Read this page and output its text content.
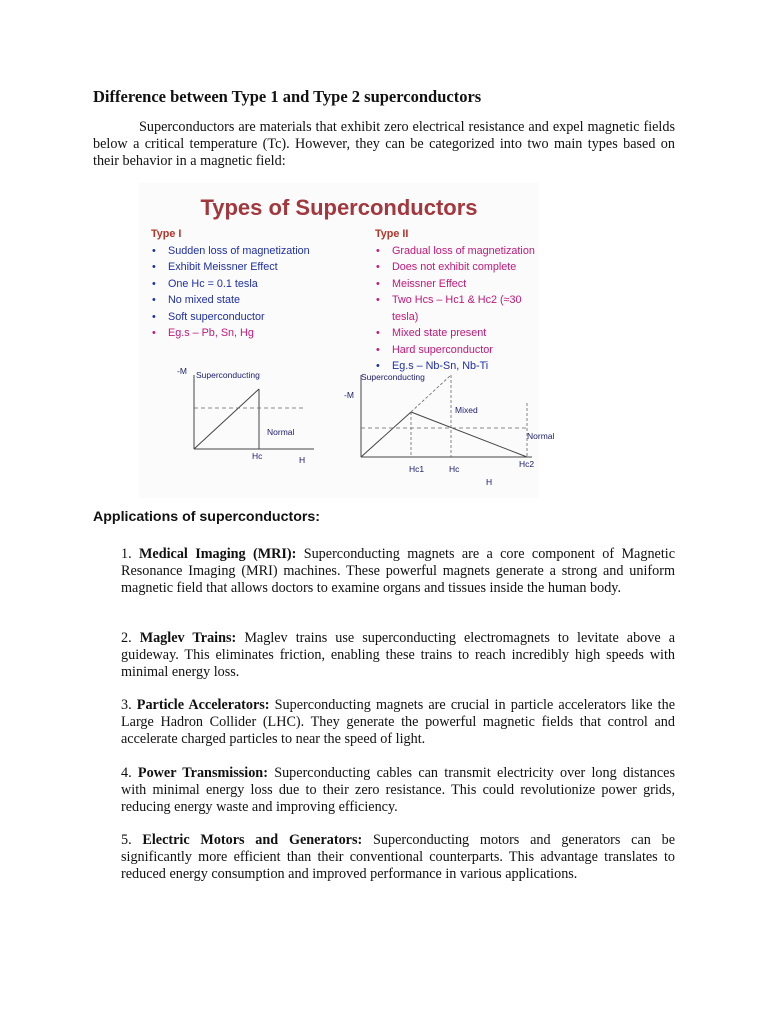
Difference between Type 1 and Type 2 superconductors

Superconductors are materials that exhibit zero electrical resistance and expel magnetic fields below a critical temperature (Tc). However, they can be categorized into two main types based on their behavior in a magnetic field:

Types of Superconductors
Type I
• Sudden loss of magnetization
• Exhibit Meissner Effect
• One Hc = 0.1 tesla
• No mixed state
• Soft superconductor
• Eg.s – Pb, Sn, Hg
Type II
• Gradual loss of magnetization
• Does not exhibit complete
• Meissner Effect
• Two Hcs – Hc1 & Hc2 (≈30 tesla)
• Mixed state present
• Hard superconductor
• Eg.s – Nb-Sn, Nb-Ti
-M Superconducting
Normal
Hc	H
Superconducting
-M
Mixed
Normal
Hc1	Hc	Hc2
H
Applications of superconductors:

1. Medical Imaging (MRI): Superconducting magnets are a core component of Magnetic Resonance Imaging (MRI) machines. These powerful magnets generate a strong and uniform magnetic field that allows doctors to examine organs and tissues inside the human body.

2. Maglev Trains: Maglev trains use superconducting electromagnets to levitate above a guideway. This eliminates friction, enabling these trains to reach incredibly high speeds with minimal energy loss.

3. Particle Accelerators: Superconducting magnets are crucial in particle accelerators like the Large Hadron Collider (LHC). They generate the powerful magnetic fields that control and accelerate charged particles to near the speed of light.

4. Power Transmission: Superconducting cables can transmit electricity over long distances with minimal energy loss due to their zero resistance. This could revolutionize power grids, reducing energy waste and improving efficiency.

5. Electric Motors and Generators: Superconducting motors and generators can be significantly more efficient than their conventional counterparts. This advantage translates to reduced energy consumption and improved performance in various applications.
